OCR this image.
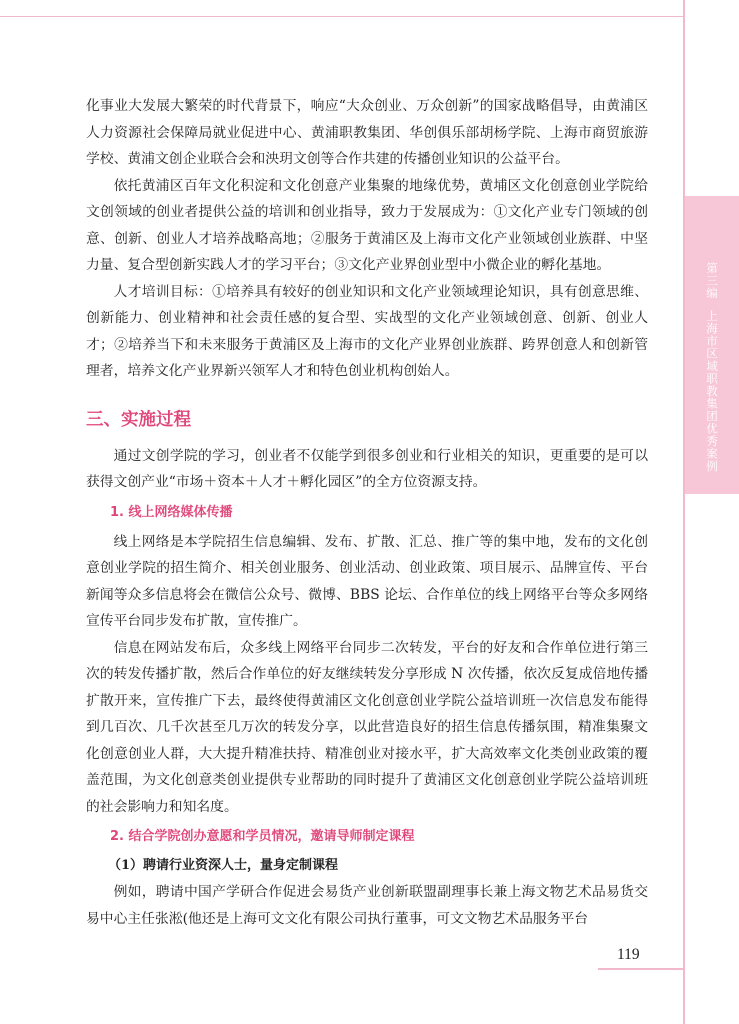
第三编上海市区域职教集团优秀案例

化事业大发展大繁荣的时代背景下，响应“大众创业、万众创新”的国家战略倡导，由黄浦区人力资源社会保障局就业促进中心、黄浦职教集团、华创俱乐部胡杨学院、上海市商贸旅游学校、黄浦文创企业联合会和泱玥文创等合作共建的传播创业知识的公益平台。

依托黄浦区百年文化积淀和文化创意产业集聚的地缘优势，黄埔区文化创意创业学院给文创领域的创业者提供公益的培训和创业指导，致力于发展成为：①文化产业专门领域的创意、创新、创业人才培养战略高地；②服务于黄浦区及上海市文化产业领域创业族群、中坚力量、复合型创新实践人才的学习平台；③文化产业界创业型中小微企业的孵化基地。

人才培训目标：①培养具有较好的创业知识和文化产业领域理论知识，具有创意思维、创新能力、创业精神和社会责任感的复合型、实战型的文化产业领域创意、创新、创业人才；②培养当下和未来服务于黄浦区及上海市的文化产业界创业族群、跨界创意人和创新管理者，培养文化产业界新兴领军人才和特色创业机构创始人。

三、实施过程

通过文创学院的学习，创业者不仅能学到很多创业和行业相关的知识，更重要的是可以获得文创产业“市场＋资本＋人才＋孵化园区”的全方位资源支持。

1. 线上网络媒体传播

线上网络是本学院招生信息编辑、发布、扩散、汇总、推广等的集中地，发布的文化创意创业学院的招生简介、相关创业服务、创业活动、创业政策、项目展示、品牌宣传、平台新闻等众多信息将会在微信公众号、微博、BBS 论坛、合作单位的线上网络平台等众多网络宣传平台同步发布扩散，宣传推广。

信息在网站发布后，众多线上网络平台同步二次转发，平台的好友和合作单位进行第三次的转发传播扩散，然后合作单位的好友继续转发分享形成 N 次传播，依次反复成倍地传播扩散开来，宣传推广下去，最终使得黄浦区文化创意创业学院公益培训班一次信息发布能得到几百次、几千次甚至几万次的转发分享，以此营造良好的招生信息传播氛围，精准集聚文化创意创业人群，大大提升精准扶持、精准创业对接水平，扩大高效率文化类创业政策的覆盖范围，为文化创意类创业提供专业帮助的同时提升了黄浦区文化创意创业学院公益培训班的社会影响力和知名度。

2. 结合学院创办意愿和学员情况，邀请导师制定课程
（1）聘请行业资深人士，量身定制课程

例如，聘请中国产学研合作促进会易货产业创新联盟副理事长兼上海文物艺术品易货交易中心主任张淞(他还是上海可文文化有限公司执行董事，可文文物艺术品服务平台

119
